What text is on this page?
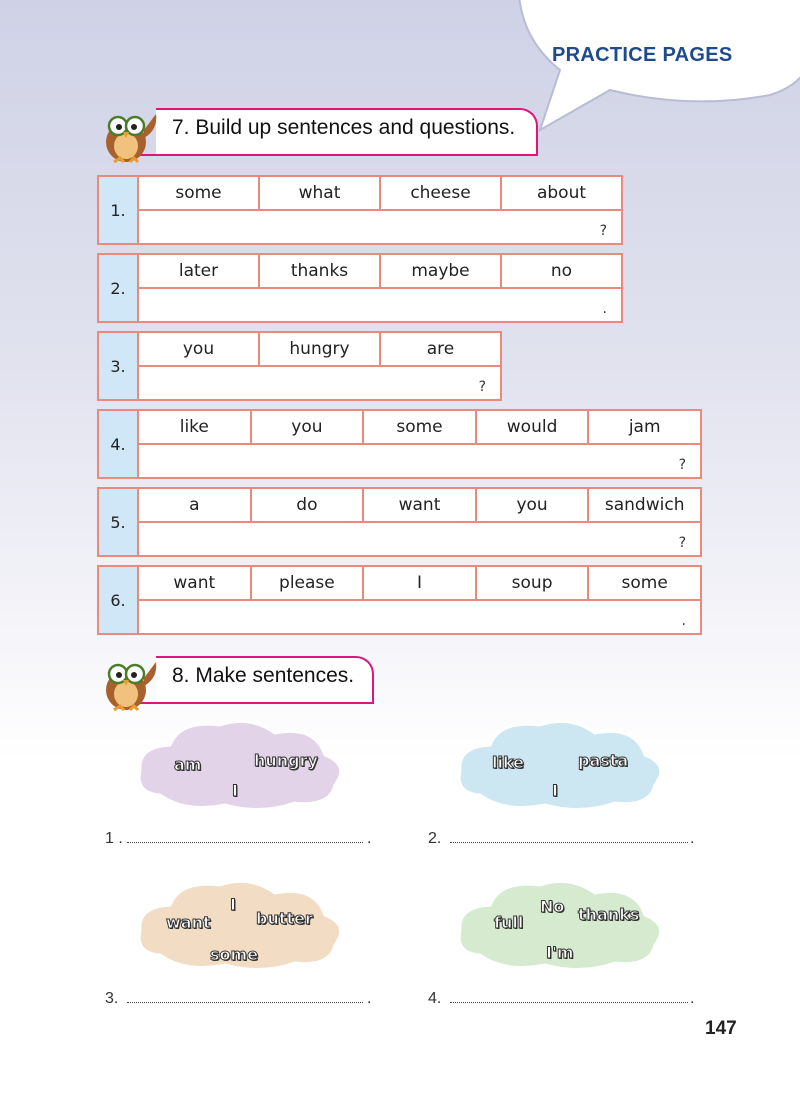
PRACTICE PAGES
7. Build up sentences and questions.
1.
some	what	cheese	about
?
2.
later	thanks	maybe	no
.
3.
you	hungry	are
?
4.
like	you	some	would	jam
?
5.
a	do	want	you	sandwich
?
6.
want	please	I	soup	some
.
8. Make sentences.
am	hungry
I
like	pasta
I
want
I
butter
some
full
No thanks
I'm
1 .	.	2.	.
3.	.	4.	.
147
